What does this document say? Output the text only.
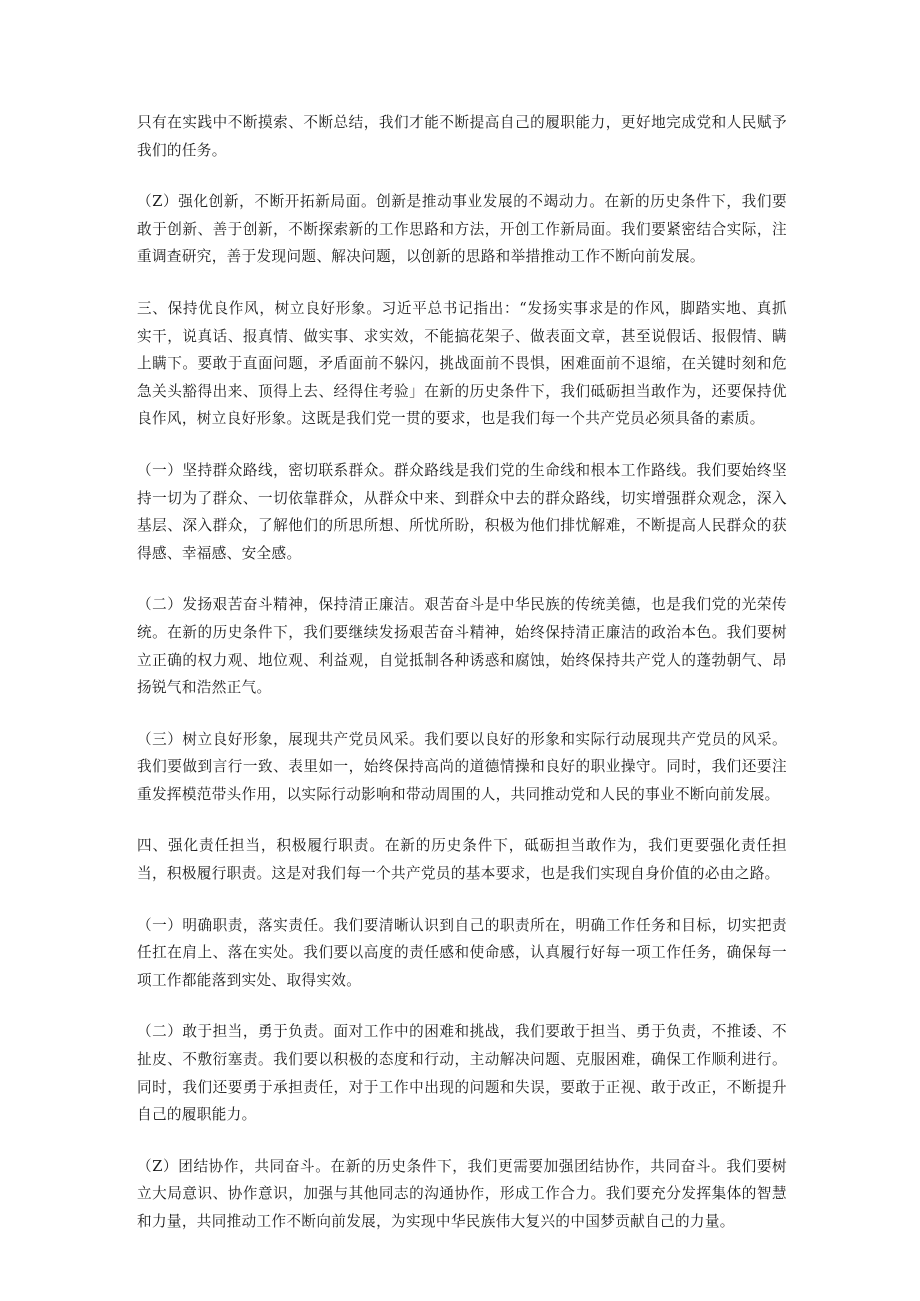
只有在实践中不断摸索、不断总结，我们才能不断提高自己的履职能力，更好地完成党和人民赋予我们的任务。

（Z）强化创新，不断开拓新局面。创新是推动事业发展的不竭动力。在新的历史条件下，我们要敢于创新、善于创新，不断探索新的工作思路和方法，开创工作新局面。我们要紧密结合实际，注重调查研究，善于发现问题、解决问题，以创新的思路和举措推动工作不断向前发展。

三、保持优良作风，树立良好形象。习近平总书记指出：“发扬实事求是的作风，脚踏实地、真抓实干，说真话、报真情、做实事、求实效，不能搞花架子、做表面文章，甚至说假话、报假情、瞒上瞒下。要敢于直面问题，矛盾面前不躲闪，挑战面前不畏惧，困难面前不退缩，在关键时刻和危急关头豁得出来、顶得上去、经得住考验」在新的历史条件下，我们砥砺担当敢作为，还要保持优良作风，树立良好形象。这既是我们党一贯的要求，也是我们每一个共产党员必须具备的素质。

（一）坚持群众路线，密切联系群众。群众路线是我们党的生命线和根本工作路线。我们要始终坚持一切为了群众、一切依靠群众，从群众中来、到群众中去的群众路线，切实增强群众观念，深入基层、深入群众，了解他们的所思所想、所忧所盼，积极为他们排忧解难，不断提高人民群众的获得感、幸福感、安全感。

（二）发扬艰苦奋斗精神，保持清正廉洁。艰苦奋斗是中华民族的传统美德，也是我们党的光荣传统。在新的历史条件下，我们要继续发扬艰苦奋斗精神，始终保持清正廉洁的政治本色。我们要树立正确的权力观、地位观、利益观，自觉抵制各种诱惑和腐蚀，始终保持共产党人的蓬勃朝气、昂扬锐气和浩然正气。

（三）树立良好形象，展现共产党员风采。我们要以良好的形象和实际行动展现共产党员的风采。我们要做到言行一致、表里如一，始终保持高尚的道德情操和良好的职业操守。同时，我们还要注重发挥模范带头作用，以实际行动影响和带动周围的人，共同推动党和人民的事业不断向前发展。

四、强化责任担当，积极履行职责。在新的历史条件下，砥砺担当敢作为，我们更要强化责任担当，积极履行职责。这是对我们每一个共产党员的基本要求，也是我们实现自身价值的必由之路。

（一）明确职责，落实责任。我们要清晰认识到自己的职责所在，明确工作任务和目标，切实把责任扛在肩上、落在实处。我们要以高度的责任感和使命感，认真履行好每一项工作任务，确保每一项工作都能落到实处、取得实效。

（二）敢于担当，勇于负责。面对工作中的困难和挑战，我们要敢于担当、勇于负责，不推诿、不扯皮、不敷衍塞责。我们要以积极的态度和行动，主动解决问题、克服困难，确保工作顺利进行。同时，我们还要勇于承担责任，对于工作中出现的问题和失误，要敢于正视、敢于改正，不断提升自己的履职能力。

（Z）团结协作，共同奋斗。在新的历史条件下，我们更需要加强团结协作，共同奋斗。我们要树立大局意识、协作意识，加强与其他同志的沟通协作，形成工作合力。我们要充分发挥集体的智慧和力量，共同推动工作不断向前发展，为实现中华民族伟大复兴的中国梦贡献自己的力量。
